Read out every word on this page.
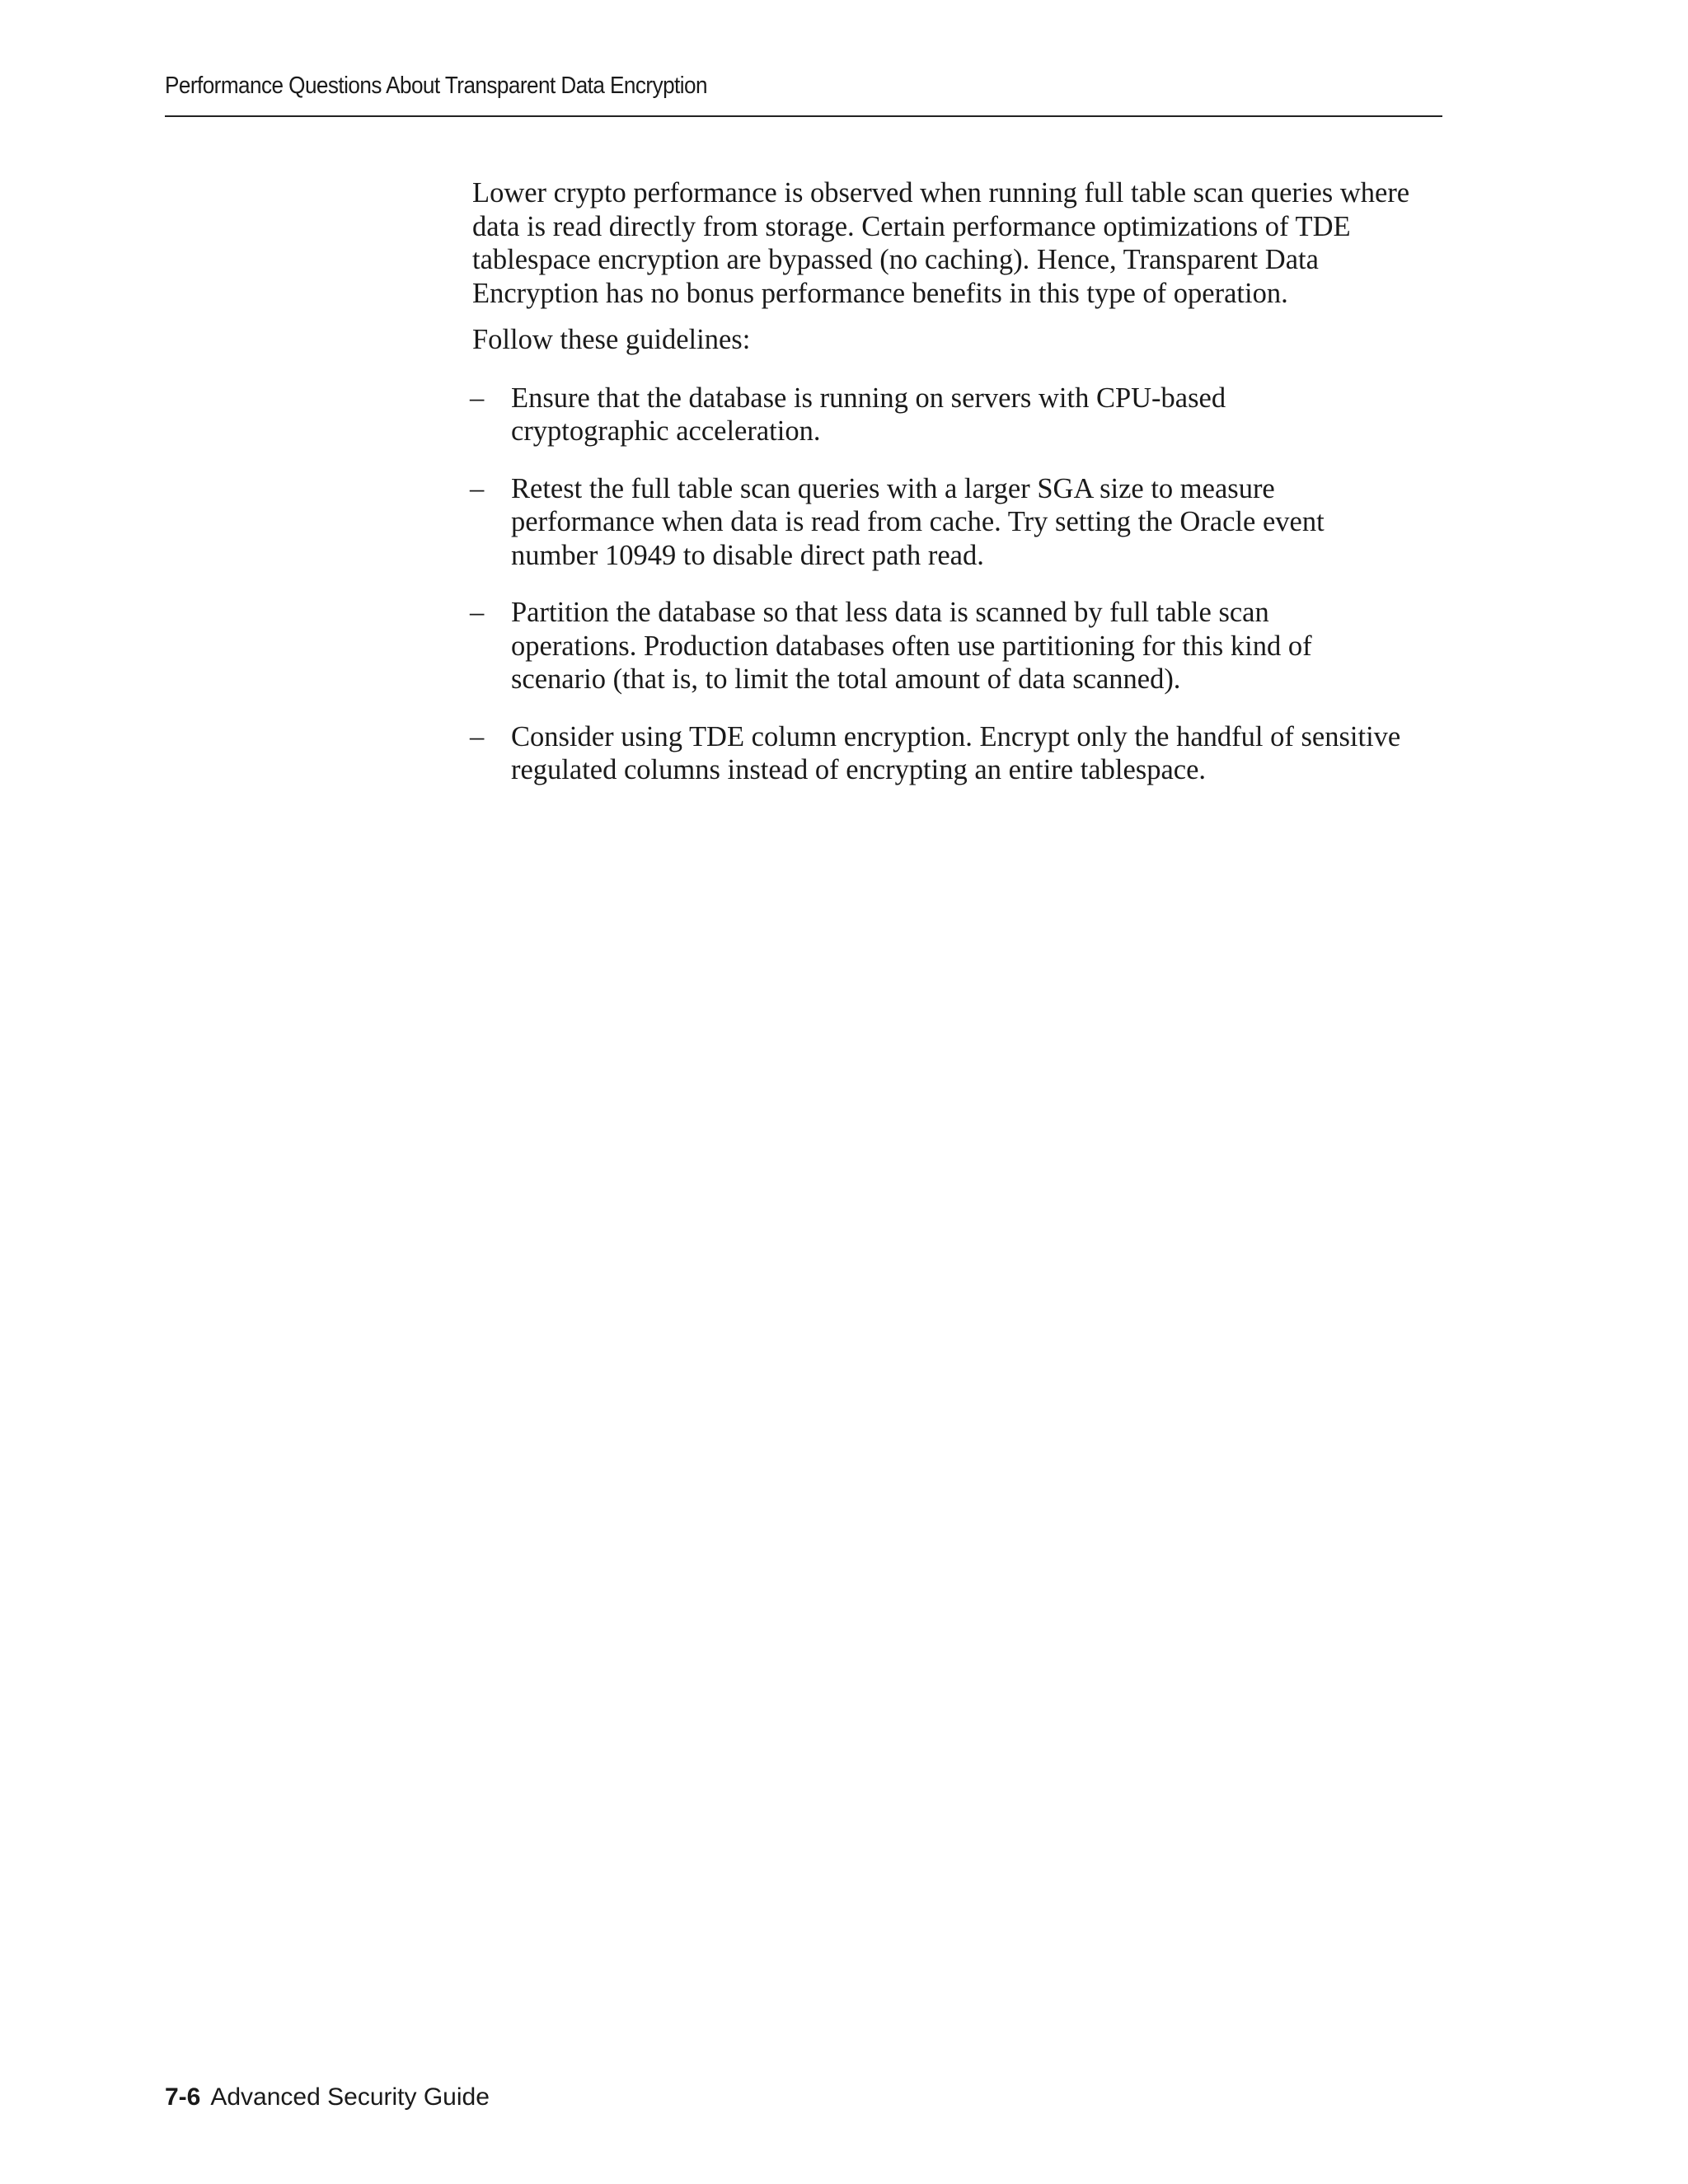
Performance Questions About Transparent Data Encryption

Lower crypto performance is observed when running full table scan queries where data is read directly from storage. Certain performance optimizations of TDE tablespace encryption are bypassed (no caching). Hence, Transparent Data Encryption has no bonus performance benefits in this type of operation.

Follow these guidelines:

– Ensure that the database is running on servers with CPU-based cryptographic acceleration.
– Retest the full table scan queries with a larger SGA size to measure performance when data is read from cache. Try setting the Oracle event number 10949 to disable direct path read.
– Partition the database so that less data is scanned by full table scan operations. Production databases often use partitioning for this kind of scenario (that is, to limit the total amount of data scanned).
– Consider using TDE column encryption. Encrypt only the handful of sensitive regulated columns instead of encrypting an entire tablespace.
7-6 Advanced Security Guide
